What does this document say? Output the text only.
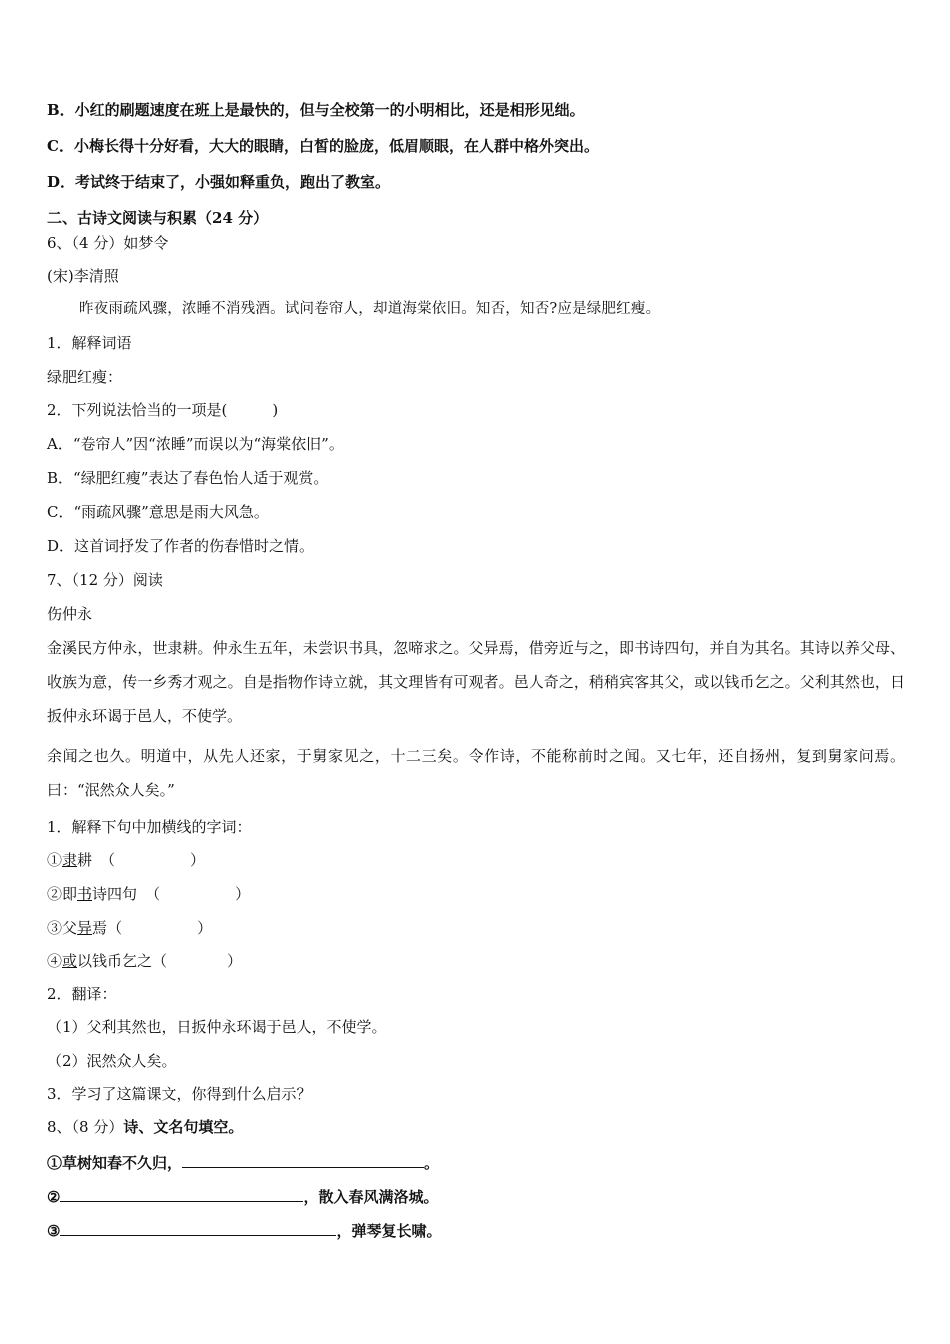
B．小红的刷题速度在班上是最快的，但与全校第一的小明相比，还是相形见绌。

C．小梅长得十分好看，大大的眼睛，白皙的脸庞，低眉顺眼，在人群中格外突出。

D．考试终于结束了，小强如释重负，跑出了教室。

二、古诗文阅读与积累（24 分）

6、（4 分）如梦令

(宋)李清照

昨夜雨疏风骤，浓睡不消残酒。试问卷帘人，却道海棠依旧。知否，知否?应是绿肥红瘦。

1．解释词语

绿肥红瘦：

2．下列说法恰当的一项是(　　　)

A．“卷帘人”因“浓睡”而误以为“海棠依旧”。

B．“绿肥红瘦”表达了春色怡人适于观赏。

C．“雨疏风骤”意思是雨大风急。

D．这首词抒发了作者的伤春惜时之情。

7、（12 分）阅读

伤仲永

金溪民方仲永，世隶耕。仲永生五年，未尝识书具，忽啼求之。父异焉，借旁近与之，即书诗四句，并自为其名。其诗以养父母、收族为意，传一乡秀才观之。自是指物作诗立就，其文理皆有可观者。邑人奇之，稍稍宾客其父，或以钱币乞之。父利其然也，日扳仲永环谒于邑人，不使学。

余闻之也久。明道中，从先人还家，于舅家见之，十二三矣。令作诗，不能称前时之闻。又七年，还自扬州，复到舅家问焉。曰：“泯然众人矣。”

1．解释下句中加横线的字词：

①隶耕 （　　　　　）

②即书诗四句 （　　　　　）

③父异焉（　　　　　）

④或以钱币乞之（　　　　）

2．翻译：

（1）父利其然也，日扳仲永环谒于邑人，不使学。

（2）泯然众人矣。

3．学习了这篇课文，你得到什么启示？

8、（8 分）诗、文名句填空。

①草树知春不久归，	。

②	，散入春风满洛城。

③	，弹琴复长啸。
